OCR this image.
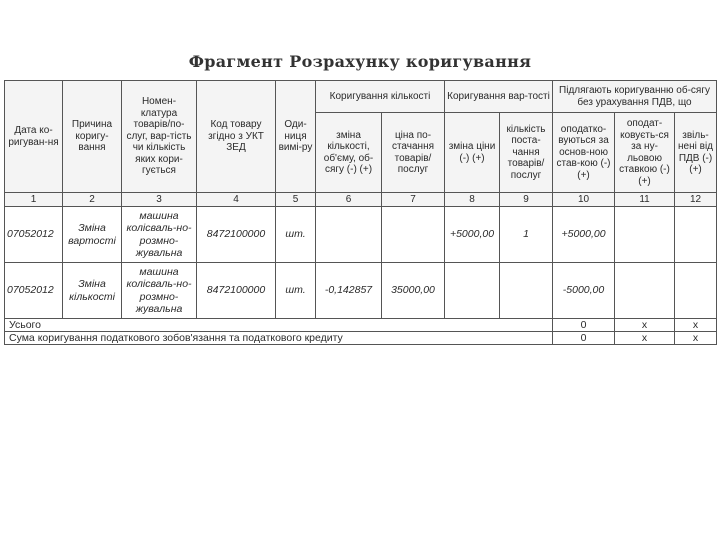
Фрагмент Розрахунку коригування
Дата ко-ригуван-ня	Причина коригу-вання	Номен-клатура товарів/по-слуг, вар-тість чи кількість яких кори-гується	Код товару згідно з УКТ ЗЕД	Оди-ниця вимі-ру	Коригування кількості		Коригування вар-тості		Підлягають коригуванню об-сягу без урахування ПДВ, що		
					зміна кількості, об'єму, об-сягу (-) (+)	ціна по-стачання товарів/ послуг	зміна ціни (-) (+)	кількість поста-чання товарів/ послуг	оподатко-вуються за основ-ною став-кою (-) (+)	оподат-ковуєть-ся за ну-льовою ставкою (-) (+)	звіль-нені від ПДВ (-) (+)
1	2	3	4	5	6	7	8	9	10	11	12
07052012	Зміна вартості	машина колісваль-но-розмно-жувальна	8472100000	шт.			+5000,00	1	+5000,00		
07052012	Зміна кількості	машина колісваль-но-розмно-жувальна	8472100000	шт.	-0,142857	35000,00			-5000,00		
Усього									0	x	x
Сума коригування податкового зобов'язання та податкового кредиту									0	x	x
